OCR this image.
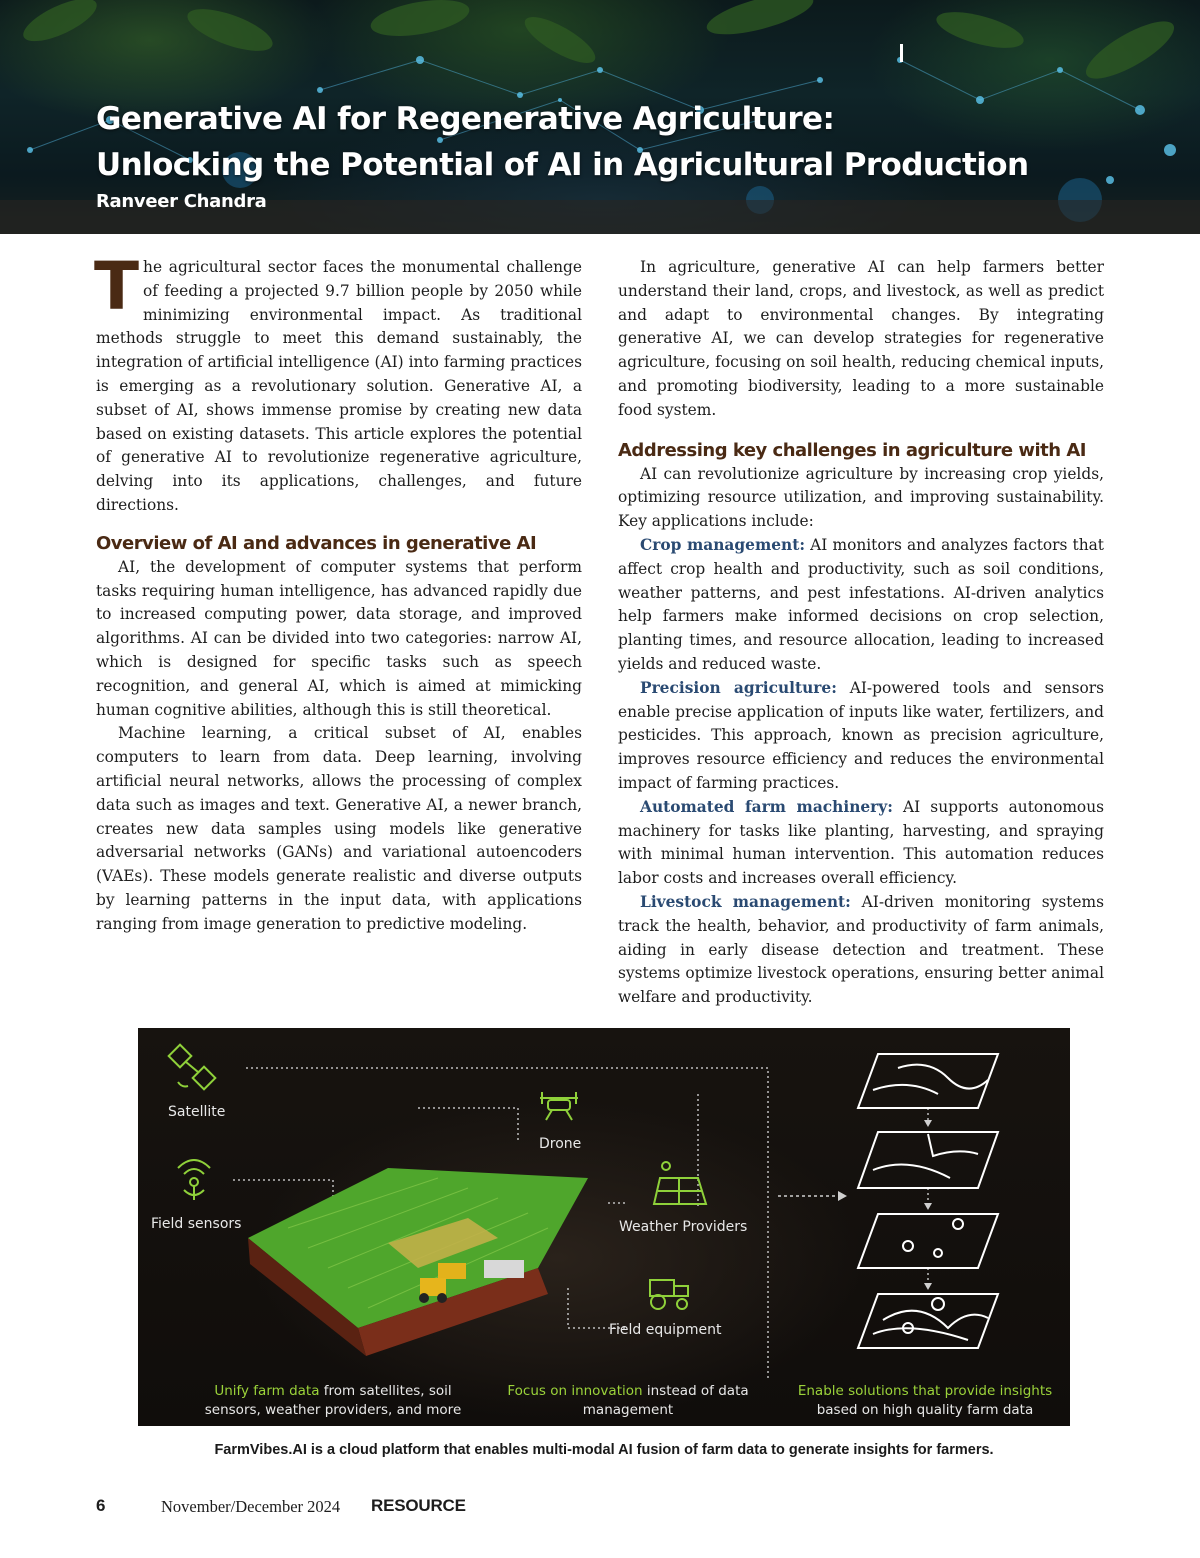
Generative AI for Regenerative Agriculture:
Unlocking the Potential of AI in Agricultural Production
Ranveer Chandra

The agricultural sector faces the monumental challenge of feeding a projected 9.7 billion people by 2050 while minimizing environmental impact. As traditional methods struggle to meet this demand sustainably, the integration of artificial intelligence (AI) into farming practices is emerging as a revolutionary solution. Generative AI, a subset of AI, shows immense promise by creating new data based on existing datasets. This article explores the potential of generative AI to revolutionize regenerative agriculture, delving into its applications, challenges, and future directions.

Overview of AI and advances in generative AI

AI, the development of computer systems that perform tasks requiring human intelligence, has advanced rapidly due to increased computing power, data storage, and improved algorithms. AI can be divided into two categories: narrow AI, which is designed for specific tasks such as speech recognition, and general AI, which is aimed at mimicking human cognitive abilities, although this is still theoretical.

Machine learning, a critical subset of AI, enables computers to learn from data. Deep learning, involving artificial neural networks, allows the processing of complex data such as images and text. Generative AI, a newer branch, creates new data samples using models like generative adversarial networks (GANs) and variational autoencoders (VAEs). These models generate realistic and diverse outputs by learning patterns in the input data, with applications ranging from image generation to predictive modeling.

In agriculture, generative AI can help farmers better understand their land, crops, and livestock, as well as predict and adapt to environmental changes. By integrating generative AI, we can develop strategies for regenerative agriculture, focusing on soil health, reducing chemical inputs, and promoting biodiversity, leading to a more sustainable food system.

Addressing key challenges in agriculture with AI

AI can revolutionize agriculture by increasing crop yields, optimizing resource utilization, and improving sustainability. Key applications include:

Crop management: AI monitors and analyzes factors that affect crop health and productivity, such as soil conditions, weather patterns, and pest infestations. AI-driven analytics help farmers make informed decisions on crop selection, planting times, and resource allocation, leading to increased yields and reduced waste.

Precision agriculture: AI-powered tools and sensors enable precise application of inputs like water, fertilizers, and pesticides. This approach, known as precision agriculture, improves resource efficiency and reduces the environmental impact of farming practices.

Automated farm machinery: AI supports autonomous machinery for tasks like planting, harvesting, and spraying with minimal human intervention. This automation reduces labor costs and increases overall efficiency.

Livestock management: AI-driven monitoring systems track the health, behavior, and productivity of farm animals, aiding in early disease detection and treatment. These systems optimize livestock operations, ensuring better animal welfare and productivity.

Satellite
Field sensors
Drone
Weather Providers
Field equipment
Unify farm data from satellites, soil
sensors, weather providers, and more
Focus on innovation instead of data
management
Enable solutions that provide insights
based on high quality farm data
FarmVibes.AI is a cloud platform that enables multi-modal AI fusion of farm data to generate insights for farmers.
6	November/December 2024 RESOURCE
